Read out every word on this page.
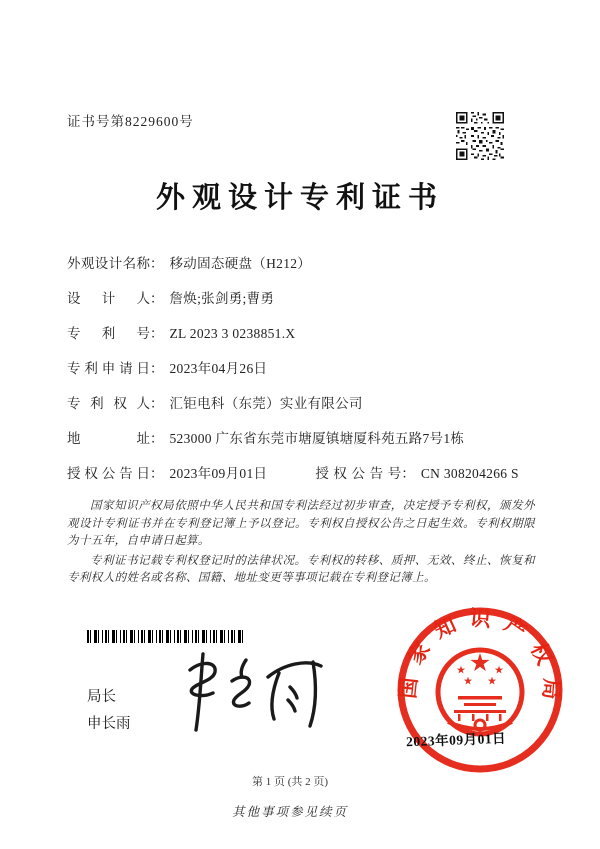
证书号第8229600号
外观设计专利证书
外观设计名称： 移动固态硬盘（H212）
设计人： 詹焕;张剑勇;曹勇
专利号： ZL 2023 3 0238851.X
专利申请日： 2023年04月26日
专利权人： 汇钜电科（东莞）实业有限公司
地址： 523000 广东省东莞市塘厦镇塘厦科苑五路7号1栋
授权公告日： 2023年09月01日	授权公告号： CN 308204266 S

国家知识产权局依照中华人民共和国专利法经过初步审查，决定授予专利权，颁发外观设计专利证书并在专利登记簿上予以登记。专利权自授权公告之日起生效。专利权期限为十五年，自申请日起算。

专利证书记载专利权登记时的法律状况。专利权的转移、质押、无效、终止、恢复和专利权人的姓名或名称、国籍、地址变更等事项记载在专利登记簿上。

局长
申长雨
国家知识产权局
2023年09月01日
第 1 页 (共 2 页)
其他事项参见续页
